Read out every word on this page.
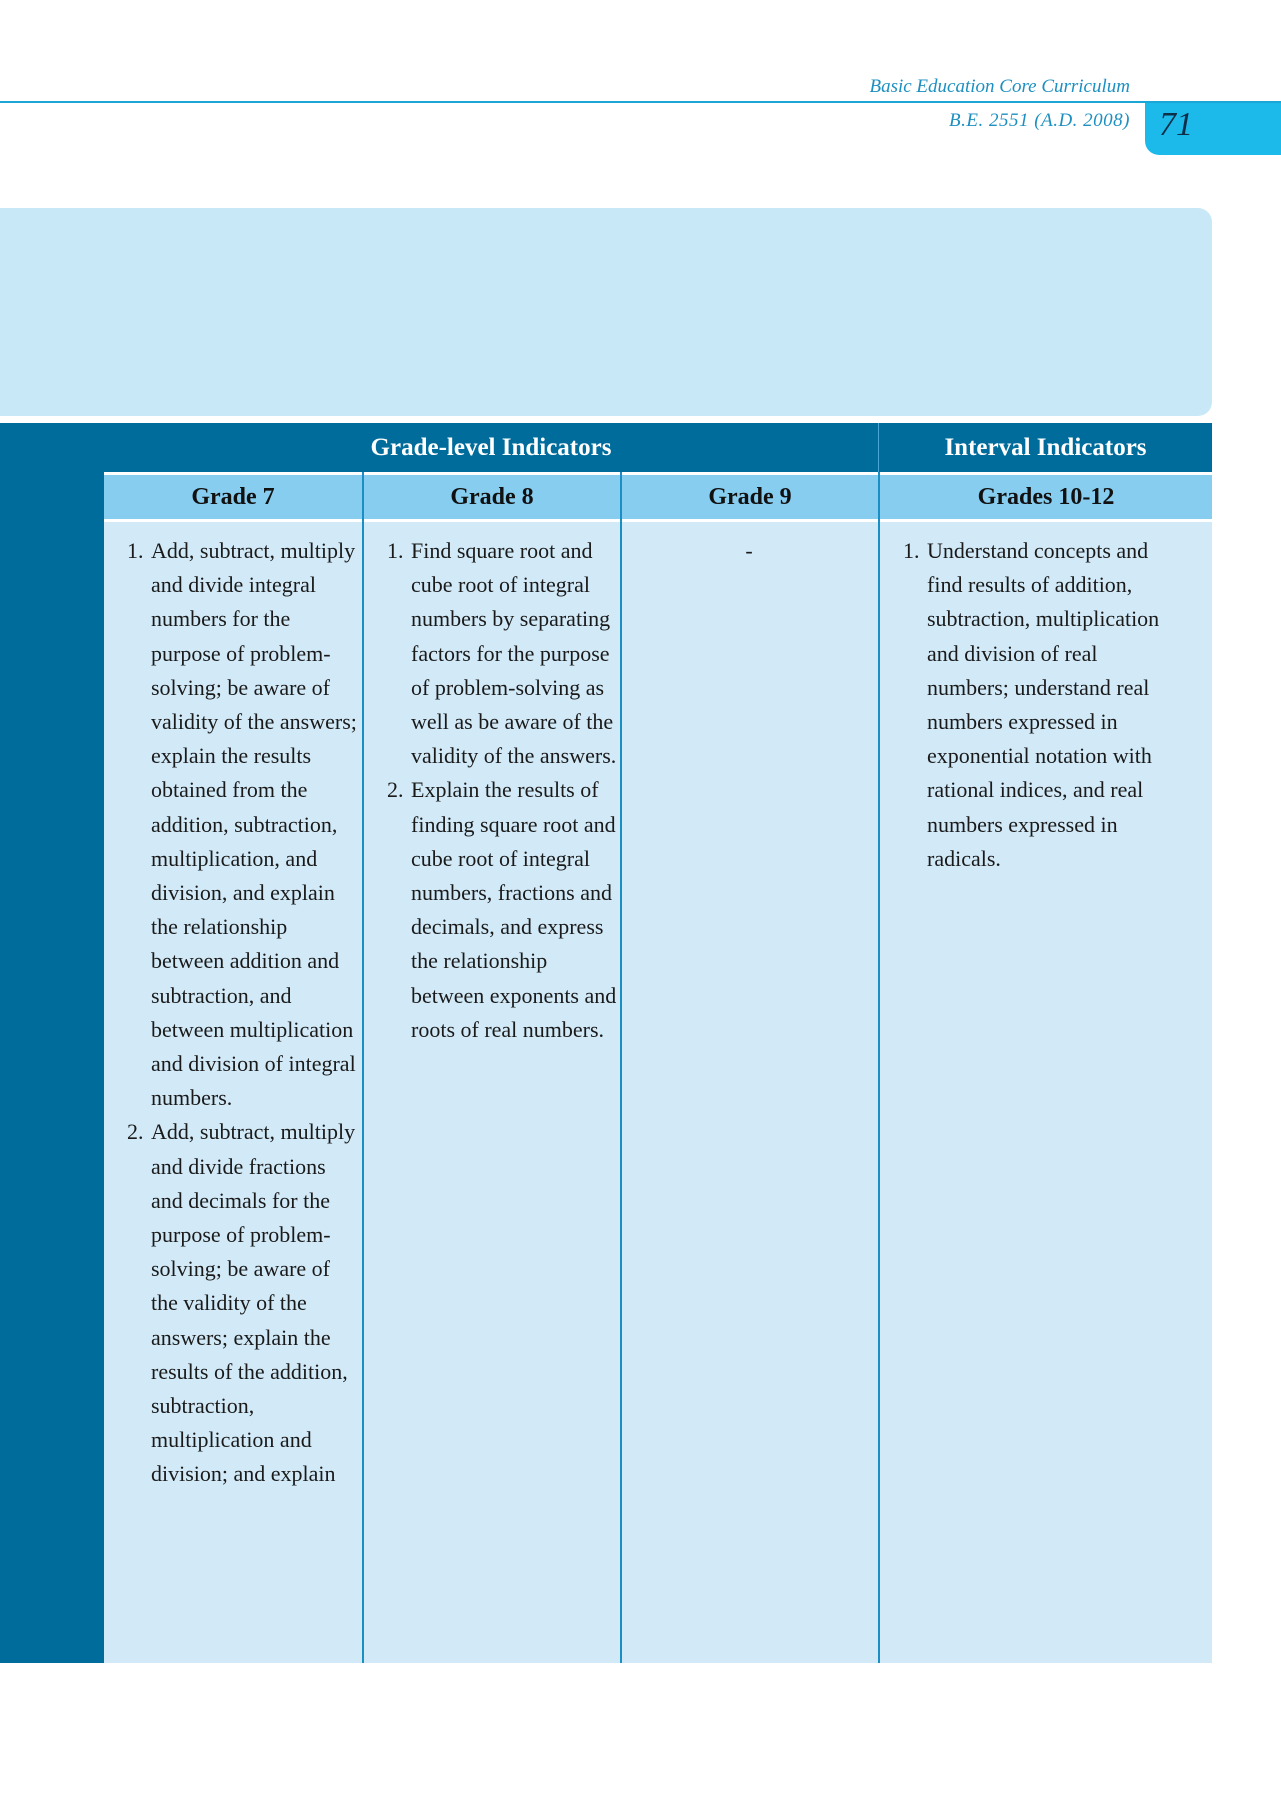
Basic Education Core Curriculum
B.E. 2551 (A.D. 2008) 71
Grade-level Indicators	Interval Indicators
Grade 7	Grade 8	Grade 9	Grades 10-12
1. Add, subtract, multiply and divide integral numbers for the purpose of problem-solving; be aware of validity of the answers; explain the results obtained from the addition, subtraction, multiplication, and division, and explain the relationship between addition and subtraction, and between multiplication and division of integral numbers.
2. Add, subtract, multiply and divide fractions and decimals for the purpose of problem-solving; be aware of the validity of the answers; explain the results of the addition, subtraction, multiplication and division; and explain
1. Find square root and cube root of integral numbers by separating factors for the purpose of problem-solving as well as be aware of the validity of the answers.
2. Explain the results of finding square root and cube root of integral numbers, fractions and decimals, and express the relationship between exponents and roots of real numbers.
-
1.	Understand concepts and find results of addition, subtraction, multiplication and division of real numbers; understand real numbers expressed in exponential notation with rational indices, and real numbers expressed in radicals.
